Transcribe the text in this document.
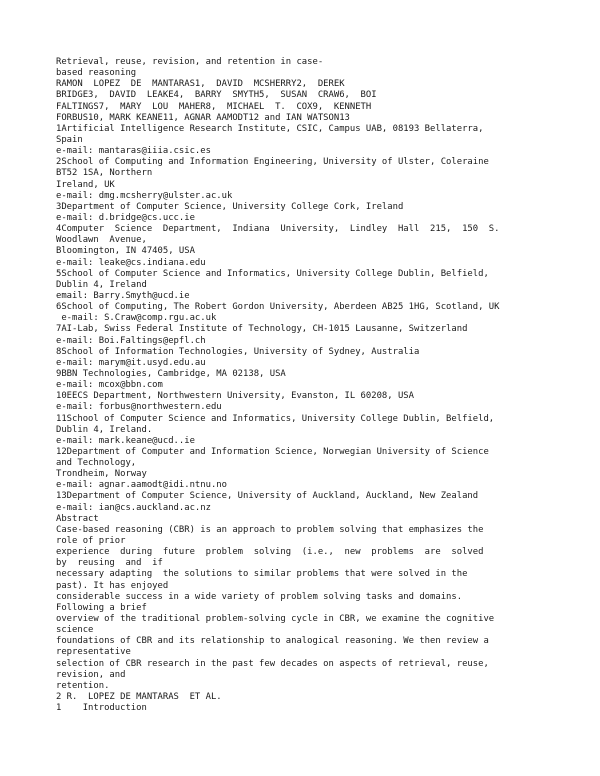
Retrieval, reuse, revision, and retention in case-
based reasoning
RAMON  LÓPEZ  DE  MÁNTARAS1,  DAVID  MCSHERRY2,  DEREK
BRIDGE3,  DAVID  LEAKE4,  BARRY  SMYTH5,  SUSAN  CRAW6,  BOI
FALTINGS7,  MARY  LOU  MAHER8,  MICHAEL  T.  COX9,  KENNETH
FORBUS10, MARK KEANE11, AGNAR AAMODT12 and IAN WATSON13
1Artificial Intelligence Research Institute, CSIC, Campus UAB, 08193 Bellaterra,
Spain
e-mail: mantaras@iiia.csic.es
2School of Computing and Information Engineering, University of Ulster, Coleraine
BT52 1SA, Northern
Ireland, UK
e-mail: dmg.mcsherry@ulster.ac.uk
3Department of Computer Science, University College Cork, Ireland
e-mail: d.bridge@cs.ucc.ie
4Computer  Science  Department,  Indiana  University,  Lindley  Hall  215,  150  S.
Woodlawn  Avenue,
Bloomington, IN 47405, USA
e-mail: leake@cs.indiana.edu
5School of Computer Science and Informatics, University College Dublin, Belfield,
Dublin 4, Ireland
email: Barry.Smyth@ucd.ie
6School of Computing, The Robert Gordon University, Aberdeen AB25 1HG, Scotland, UK
e-mail: S.Craw@comp.rgu.ac.uk
7AI-Lab, Swiss Federal Institute of Technology, CH-1015 Lausanne, Switzerland
e-mail: Boi.Faltings@epfl.ch
8School of Information Technologies, University of Sydney, Australia
e-mail: marym@it.usyd.edu.au
9BBN Technologies, Cambridge, MA 02138, USA
e-mail: mcox@bbn.com
10EECS Department, Northwestern University, Evanston, IL 60208, USA
e-mail: forbus@northwestern.edu
11School of Computer Science and Informatics, University College Dublin, Belfield,
Dublin 4, Ireland.
e-mail: mark.keane@ucd..ie
12Department of Computer and Information Science, Norwegian University of Science
and Technology,
Trondheim, Norway
e-mail: agnar.aamodt@idi.ntnu.no
13Department of Computer Science, University of Auckland, Auckland, New Zealand
e-mail: ian@cs.auckland.ac.nz
Abstract
Case-based reasoning (CBR) is an approach to problem solving that emphasizes the
role of prior
experience  during  future  problem  solving  (i.e.,  new  problems  are  solved
by  reusing  and  if
necessary adapting  the solutions to similar problems that were solved in the
past). It has enjoyed
considerable success in a wide variety of problem solving tasks and domains.
Following a brief
overview of the traditional problem-solving cycle in CBR, we examine the cognitive
science
foundations of CBR and its relationship to analogical reasoning. We then review a
representative
selection of CBR research in the past few decades on aspects of retrieval, reuse,
revision, and
retention.
2 R.  LÓPEZ DE MÁNTARAS  ET AL.
1    Introduction
